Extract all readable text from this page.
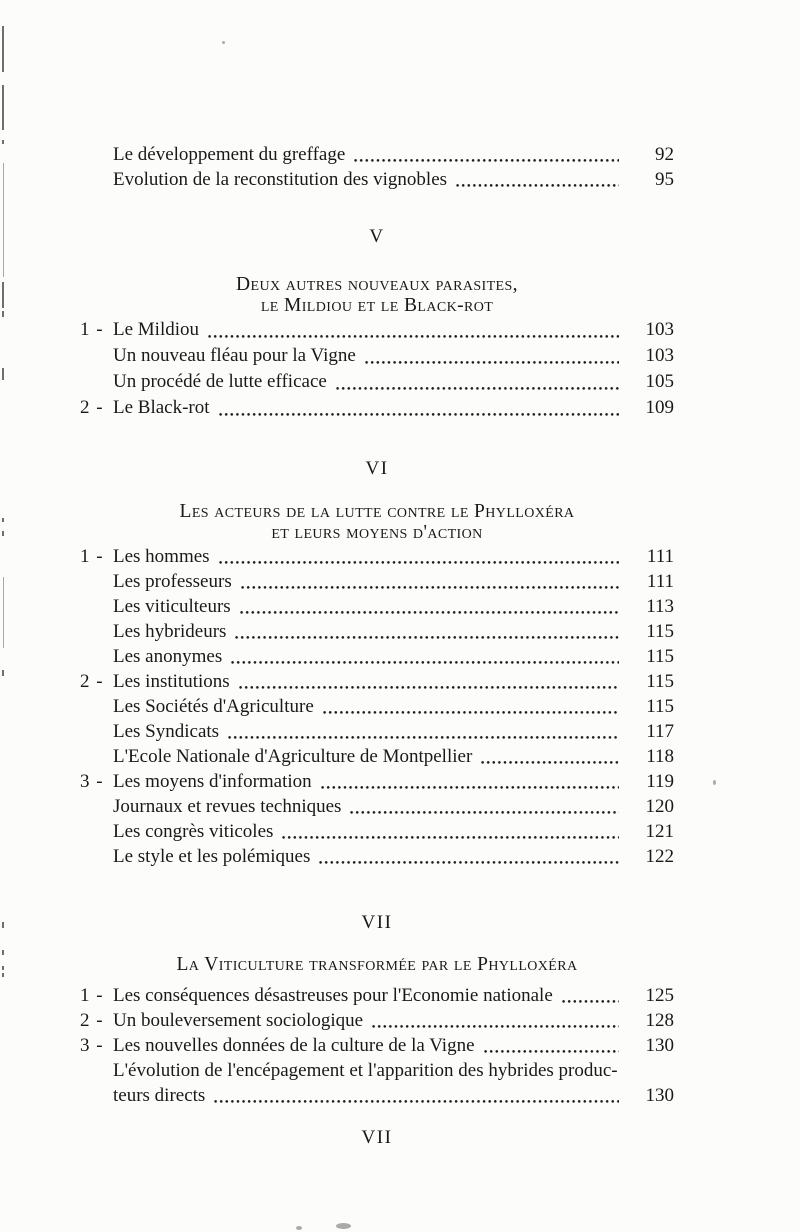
Le développement du greffage	92
Evolution de la reconstitution des vignobles	95
V
Deux autres nouveaux parasites,
le Mildiou et le Black-rot
1 - Le Mildiou	103
Un nouveau fléau pour la Vigne	103
Un procédé de lutte efficace	105
2 - Le Black-rot	109
VI
Les acteurs de la lutte contre le Phylloxéra
et leurs moyens d'action
1 - Les hommes	111
Les professeurs	111
Les viticulteurs	113
Les hybrideurs	115
Les anonymes	115
2 - Les institutions	115
Les Sociétés d'Agriculture	115
Les Syndicats	117
L'Ecole Nationale d'Agriculture de Montpellier	118
3 - Les moyens d'information	119
Journaux et revues techniques	120
Les congrès viticoles	121
Le style et les polémiques	122
VII
La Viticulture transformée par le Phylloxéra
1 - Les conséquences désastreuses pour l'Economie nationale	125
2 - Un bouleversement sociologique	128
3 - Les nouvelles données de la culture de la Vigne	130
L'évolution de l'encépagement et l'apparition des hybrides produc-
teurs directs	130
VII
